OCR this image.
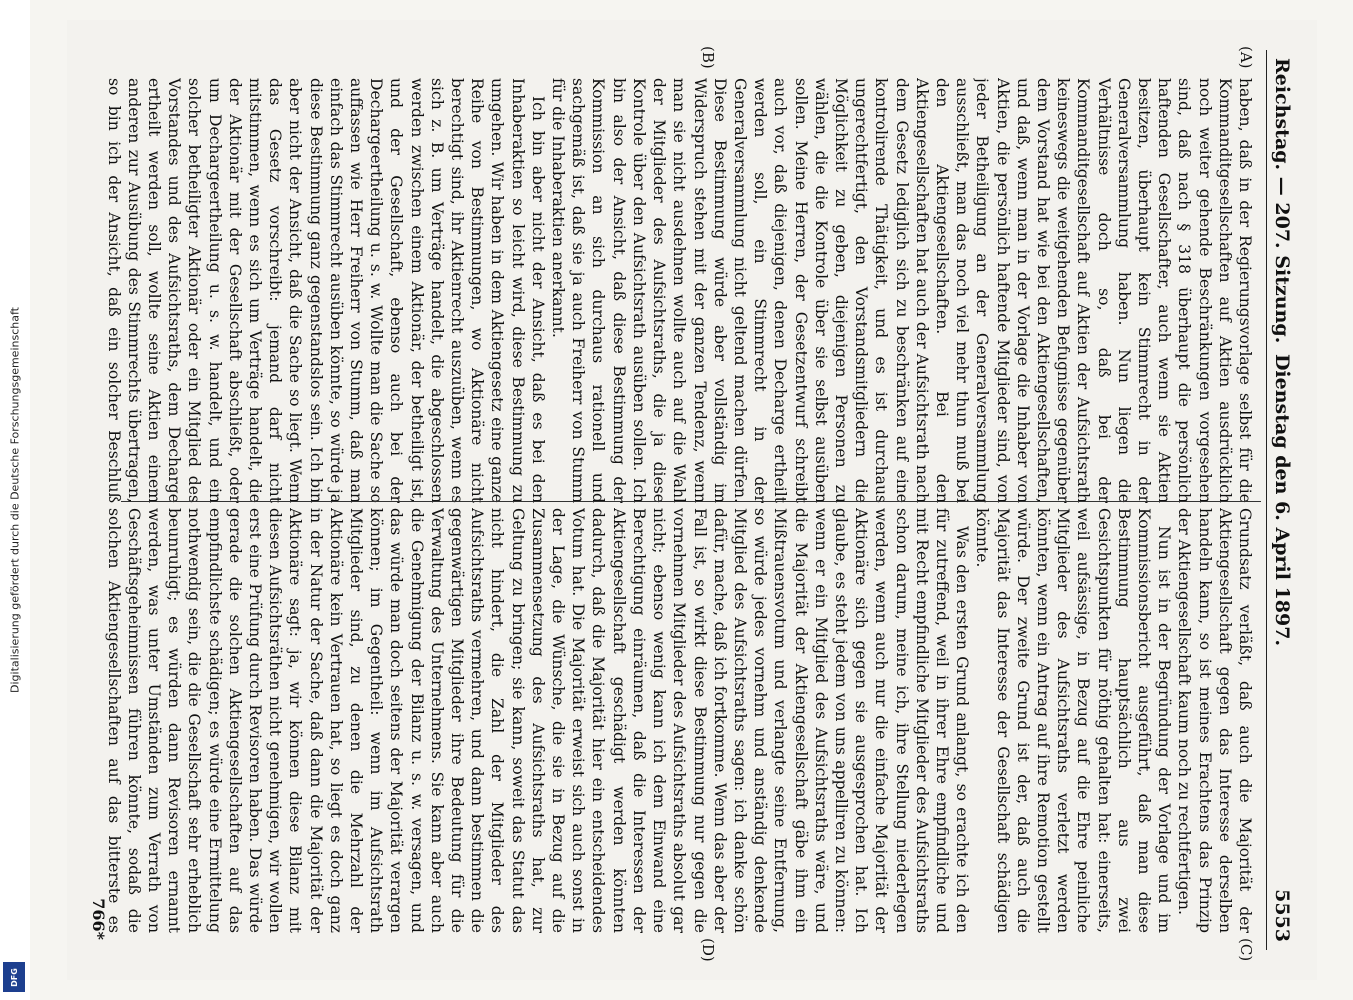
Digitalisierung gefördert durch die Deutsche Forschungsgemeinschaft
DFG
Reichstag. — 207. Sitzung.
Dienstag den 6. April 1897.
5553
(A)
(B)
(C)
(D)

haben, daß in der Regierungsvorlage selbst für die Kommanditgesellschaften auf Aktien ausdrücklich noch weiter gehende Beschränkungen vorgesehen sind, daß nach § 318 überhaupt die persönlich haftenden Gesellschafter, auch wenn sie Aktien besitzen, überhaupt kein Stimmrecht in der Generalversammlung haben. Nun liegen die Verhältnisse doch so, daß bei der Kommanditgesellschaft auf Aktien der Aufsichtsrath keineswegs die weitgehenden Befugnisse gegenüber dem Vorstand hat wie bei den Aktiengesellschaften, und daß, wenn man in der Vorlage die Inhaber von Aktien, die persönlich haftende Mitglieder sind, von jeder Betheiligung an der Generalversammlung ausschließt, man das noch viel mehr thun muß bei den Aktiengesellschaften. Bei den Aktiengesellschaften hat auch der Aufsichtsrath nach dem Gesetz lediglich sich zu beschränken auf eine kontrolirende Thätigkeit, und es ist durchaus ungerechtfertigt, den Vorstandsmitgliedern die Möglichkeit zu geben, diejenigen Personen zu wählen, die die Kontrole über sie selbst ausüben sollen. Meine Herren, der Gesetzentwurf schreibt auch vor, daß diejenigen, denen Decharge ertheilt werden soll, ein Stimmrecht in der Generalversammlung nicht geltend machen dürfen. Diese Bestimmung würde aber vollständig im Widerspruch stehen mit der ganzen Tendenz, wenn man sie nicht ausdehnen wollte auch auf die Wahl der Mitglieder des Aufsichtsraths, die ja diese Kontrole über den Aufsichtsrath ausüben sollen. Ich bin also der Ansicht, daß diese Bestimmung der Kommission an sich durchaus rationell und sachgemäß ist, daß sie ja auch Freiherr von Stumm für die Inhaberaktien anerkannt.

Ich bin aber nicht der Ansicht, daß es bei den Inhaberaktien so leicht wird, diese Bestimmung zu umgehen. Wir haben in dem Aktiengesetz eine ganze Reihe von Bestimmungen, wo Aktionäre nicht berechtigt sind, ihr Aktienrecht auszuüben, wenn es sich z. B. um Verträge handelt, die abgeschlossen werden zwischen einem Aktionär, der betheiligt ist, und der Gesellschaft, ebenso auch bei der Dechargeertheilung u. s. w. Wollte man die Sache so auffassen wie Herr Freiherr von Stumm, daß man einfach das Stimmrecht ausüben könnte, so würde ja diese Bestimmung ganz gegenstandslos sein. Ich bin aber nicht der Ansicht, daß die Sache so liegt. Wenn das Gesetz vorschreibt: jemand darf nicht mitstimmen, wenn es sich um Verträge handelt, die der Aktionär mit der Gesellschaft abschließt, oder um Dechargeertheilung u. s. w. handelt, und ein solcher betheiligter Aktionär oder ein Mitglied des Vorstandes und des Aufsichtsraths, dem Decharge ertheilt werden soll, wollte seine Aktien einem anderen zur Ausübung des Stimmrechts übertragen, so bin ich der Ansicht, daß ein solcher Beschluß

Grundsatz verläßt, daß auch die Majorität der Aktiengesellschaft gegen das Interesse derselben handeln kann, so ist meines Erachtens das Prinzip der Aktiengesellschaft kaum noch zu rechtfertigen.

Nun ist in der Begründung der Vorlage und im Kommissionsbericht ausgeführt, daß man diese Bestimmung hauptsächlich aus zwei Gesichtspunkten für nöthig gehalten hat: einerseits, weil aufsässige, in Bezug auf die Ehre peinliche Mitglieder des Aufsichtsraths verletzt werden könnten, wenn ein Antrag auf ihre Remotion gestellt würde. Der zweite Grund ist der, daß auch die Majorität das Interesse der Gesellschaft schädigen könnte.

Was den ersten Grund anlangt, so erachte ich den für zutreffend, weil in ihrer Ehre empfindliche und mit Recht empfindliche Mitglieder des Aufsichtsraths schon darum, meine ich, ihre Stellung niederlegen werden, wenn auch nur die einfache Majorität der Aktionäre sich gegen sie ausgesprochen hat. Ich glaube, es steht jedem von uns appelliren zu können: wenn er ein Mitglied des Aufsichtsraths wäre, und die Majorität der Aktiengesellschaft gäbe ihm ein Mißtrauensvotum und verlangte seine Entfernung, so würde jedes vornehm und anständig denkende Mitglied des Aufsichtsraths sagen: ich danke schön dafür, mache, daß ich fortkomme. Wenn das aber der Fall ist, so wirkt diese Bestimmung nur gegen die vornehmen Mitglieder des Aufsichtsraths absolut gar nicht; ebenso wenig kann ich dem Einwand eine Berechtigung einräumen, daß die Interessen der Aktiengesellschaft geschädigt werden könnten dadurch, daß die Majorität hier ein entscheidendes Votum hat. Die Majorität erweist sich auch sonst in der Lage, die Wünsche, die sie in Bezug auf die Zusammensetzung des Aufsichtsraths hat, zur Geltung zu bringen; sie kann, soweit das Statut das nicht hindert, die Zahl der Mitglieder des Aufsichtsraths vermehren, und dann bestimmen die gegenwärtigen Mitglieder ihre Bedeutung für die Verwaltung des Unternehmens. Sie kann aber auch die Genehmigung der Bilanz u. s. w. versagen, und das würde man doch seitens der Majorität verargen können; im Gegentheil: wenn im Aufsichtsrath Mitglieder sind, zu denen die Mehrzahl der Aktionäre kein Vertrauen hat, so liegt es doch ganz in der Natur der Sache, daß dann die Majorität der Aktionäre sagt: ja, wir können diese Bilanz mit diesen Aufsichtsräthen nicht genehmigen, wir wollen erst eine Prüfung durch Revisoren haben. Das würde gerade die solchen Aktiengesellschaften auf das empfindlichste schädigen; es würde eine Ermittelung nothwendig sein, die die Gesellschaft sehr erheblich beunruhigt; es würden dann Revisoren ernannt werden, was unter Umständen zum Verrath von Geschäftsgeheimnissen führen könnte, sodaß die solchen Aktiengesellschaften auf das bitterste es

766*
